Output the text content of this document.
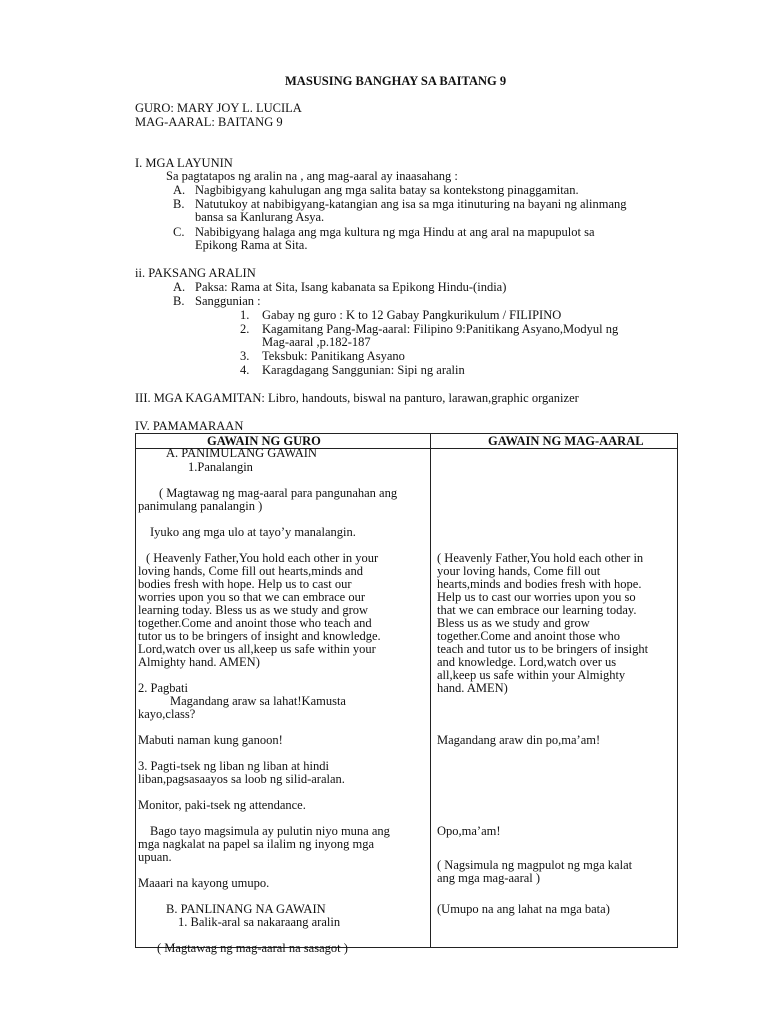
MASUSING BANGHAY SA BAITANG 9
GURO: MARY JOY L. LUCILA
MAG-AARAL: BAITANG 9
I. MGA LAYUNIN
Sa pagtatapos ng aralin na , ang mag-aaral ay inaasahang :
A. Nagbibigyang kahulugan ang mga salita batay sa kontekstong pinaggamitan.
B. Natutukoy at nabibigyang-katangian ang isa sa mga itinuturing na bayani ng alinmang
bansa sa Kanlurang Asya.
C. Nabibigyang halaga ang mga kultura ng mga Hindu at ang aral na mapupulot sa
Epikong Rama at Sita.
ii. PAKSANG ARALIN
A. Paksa: Rama at Sita, Isang kabanata sa Epikong Hindu-(india)
B. Sanggunian :
1. Gabay ng guro : K to 12 Gabay Pangkurikulum / FILIPINO
2. Kagamitang Pang-Mag-aaral: Filipino 9:Panitikang Asyano,Modyul ng
Mag-aaral ,p.182-187
3. Teksbuk: Panitikang Asyano
4. Karagdagang Sanggunian: Sipi ng aralin
III. MGA KAGAMITAN: Libro, handouts, biswal na panturo, larawan,graphic organizer
IV. PAMAMARAAN
GAWAIN NG GURO	GAWAIN NG MAG-AARAL
A. PANIMULANG GAWAIN
1.Panalangin
( Magtawag ng mag-aaral para pangunahan ang
panimulang panalangin )
Iyuko ang mga ulo at tayo’y manalangin.
( Heavenly Father,You hold each other in your
loving hands, Come fill out hearts,minds and
bodies fresh with hope. Help us to cast our
worries upon you so that we can embrace our
learning today. Bless us as we study and grow
together.Come and anoint those who teach and
tutor us to be bringers of insight and knowledge.
Lord,watch over us all,keep us safe within your
Almighty hand. AMEN)
2. Pagbati
Magandang araw sa lahat!Kamusta
kayo,class?
Mabuti naman kung ganoon!
3. Pagti-tsek ng liban ng liban at hindi
liban,pagsasaayos sa loob ng silid-aralan.
Monitor, paki-tsek ng attendance.
Bago tayo magsimula ay pulutin niyo muna ang
mga nagkalat na papel sa ilalim ng inyong mga
upuan.
Maaari na kayong umupo.
B. PANLINANG NA GAWAIN
1. Balik-aral sa nakaraang aralin
( Magtawag ng mag-aaral na sasagot )
( Heavenly Father,You hold each other in
your loving hands, Come fill out
hearts,minds and bodies fresh with hope.
Help us to cast our worries upon you so
that we can embrace our learning today.
Bless us as we study and grow
together.Come and anoint those who
teach and tutor us to be bringers of insight
and knowledge. Lord,watch over us
all,keep us safe within your Almighty
hand. AMEN)
Magandang araw din po,ma’am!
Opo,ma’am!
( Nagsimula ng magpulot ng mga kalat
ang mga mag-aaral )
(Umupo na ang lahat na mga bata)
